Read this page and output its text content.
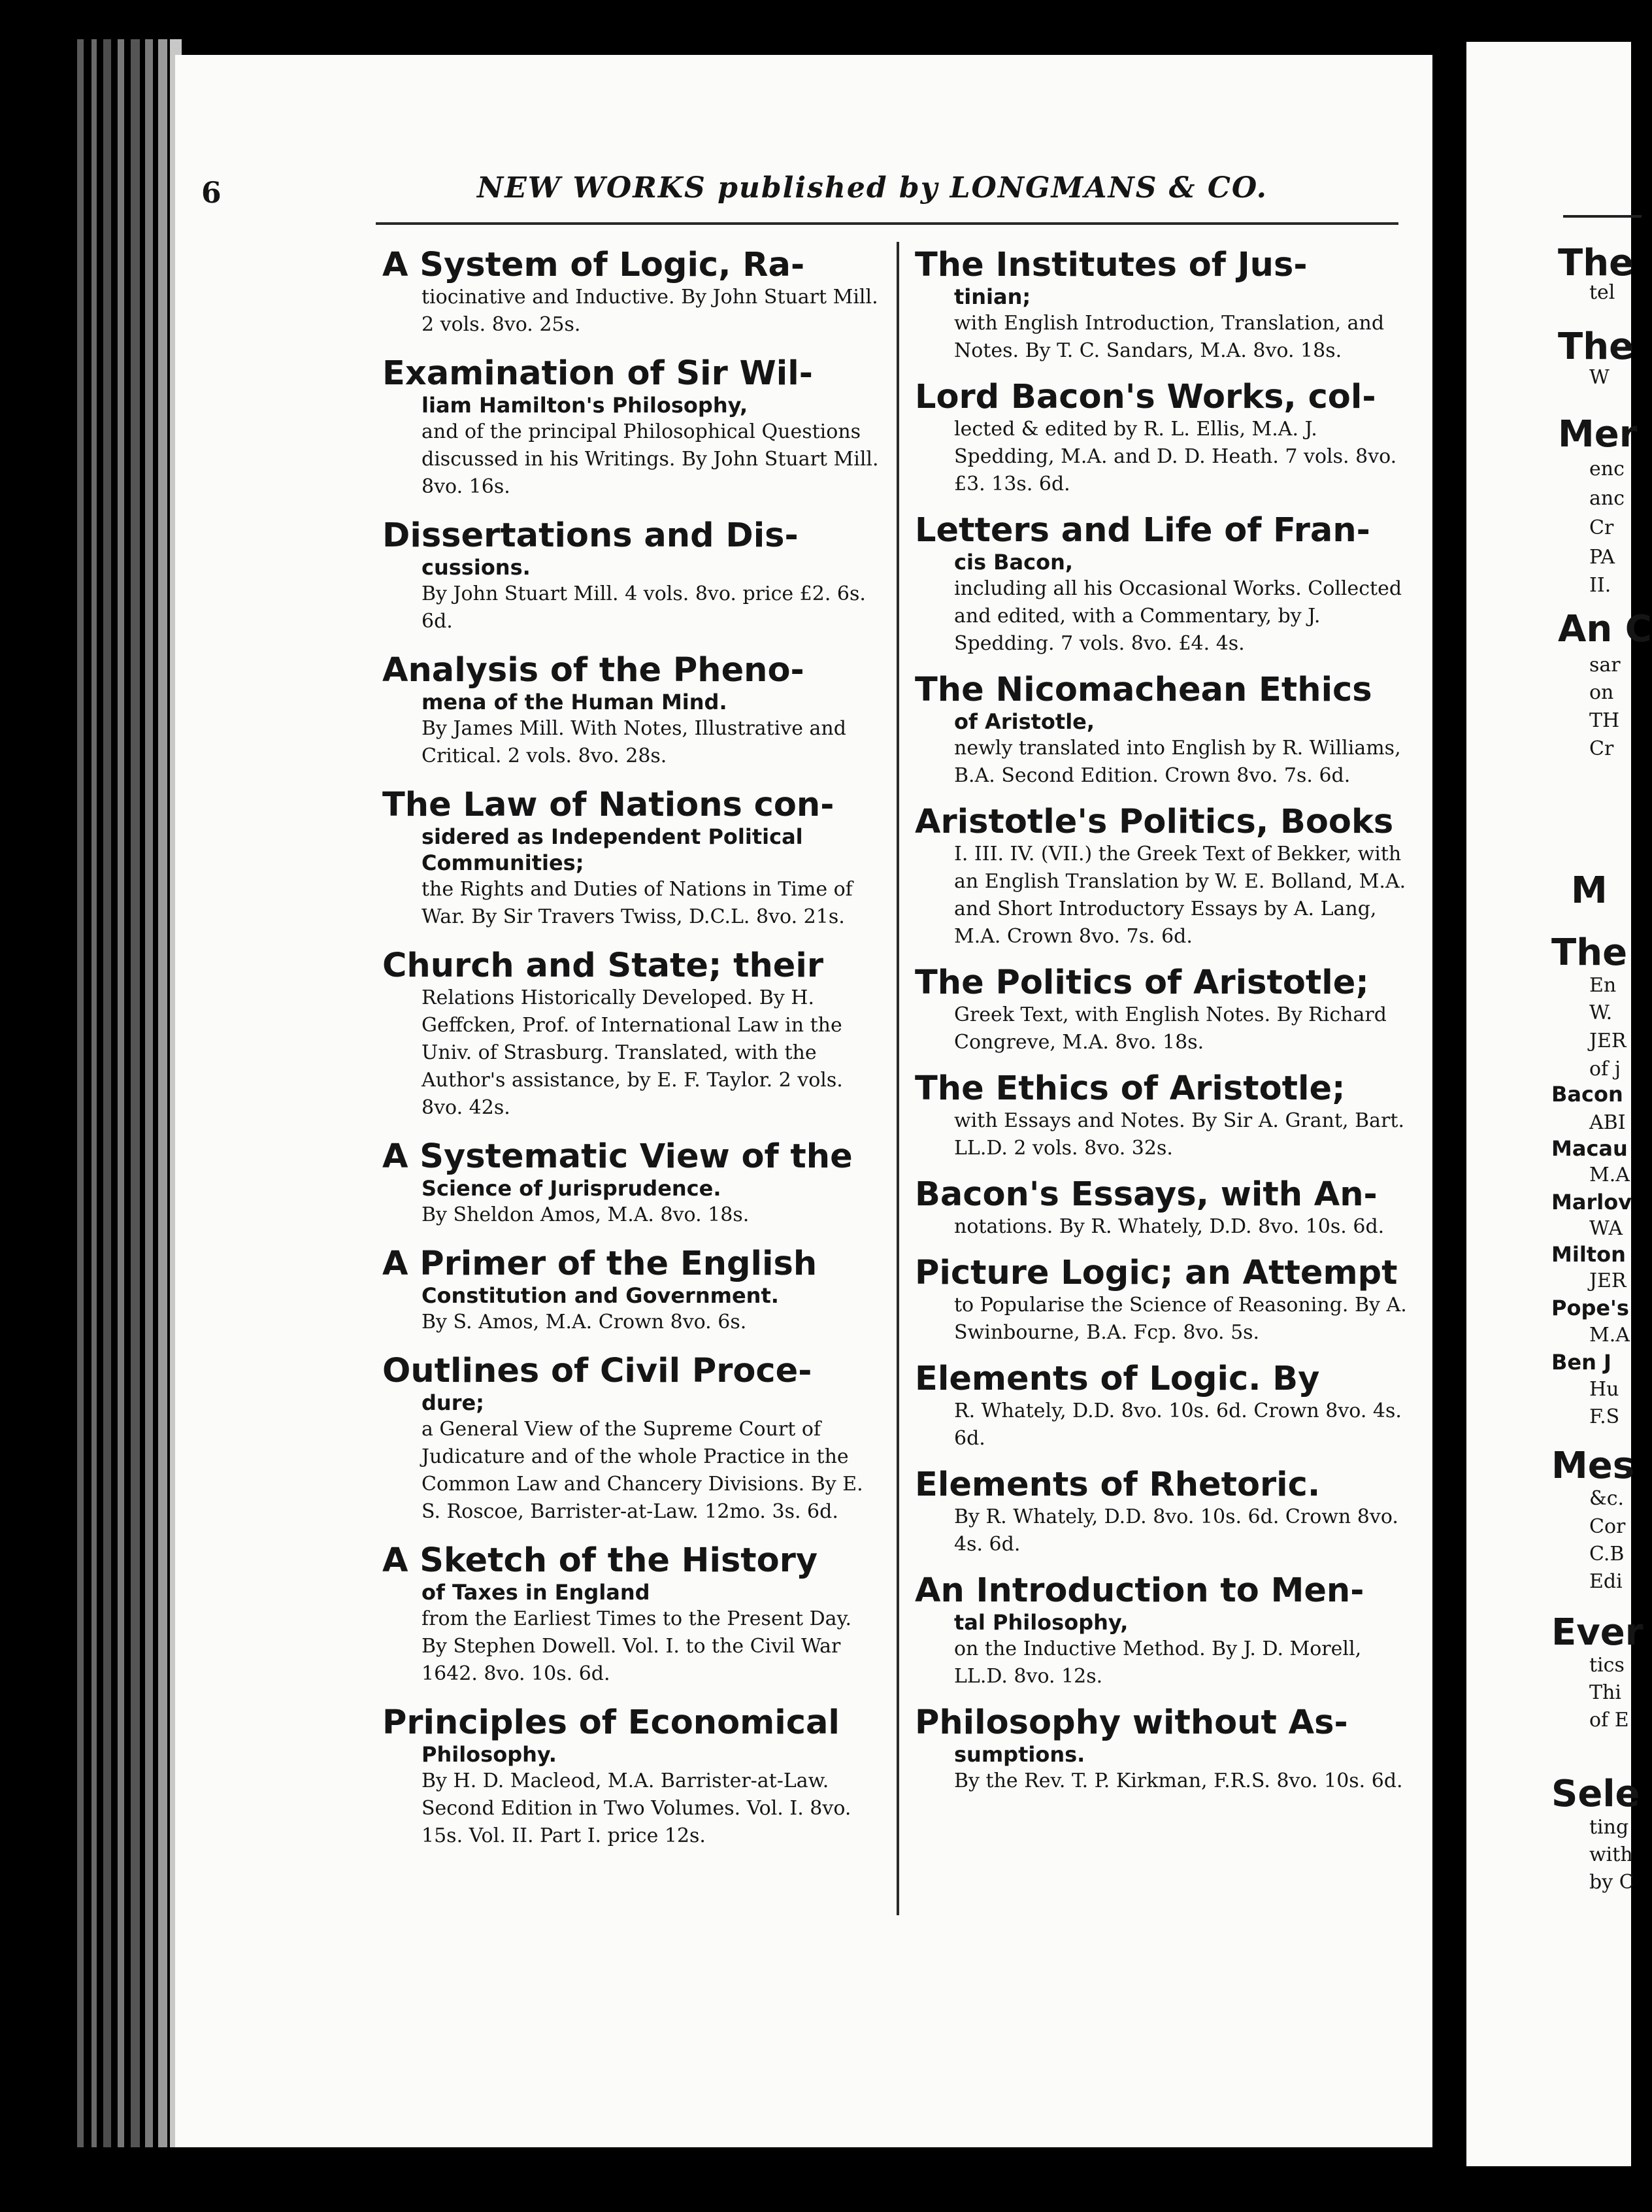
The
tel
The
W
Mer
enc
anc
Cr
PA
II.
An C
sar
on
TH
Cr
M
The
En
W.
JER
of j
Bacon
ABI
Macau
M.A
Marlov
WA
Milton
JER
Pope's
M.A
Ben J
Hu
F.S
Mes
&c.
Cor
C.B
Edi
Ever
tics
Thi
of E
Sele
ting
with
by C
6	NEW WORKS published by LONGMANS & CO.
A System of Logic, Ra-
tiocinative and Inductive. By John Stuart Mill. 2 vols. 8vo. 25s.
Examination of Sir Wil-
liam Hamilton's Philosophy,
and of the principal Philosophical Questions discussed in his Writings. By John Stuart Mill. 8vo. 16s.
Dissertations and Dis-
cussions.
By John Stuart Mill. 4 vols. 8vo. price £2. 6s. 6d.
Analysis of the Pheno-
mena of the Human Mind.
By James Mill. With Notes, Illustrative and Critical. 2 vols. 8vo. 28s.
The Law of Nations con-
sidered as Independent Political Communities;
the Rights and Duties of Nations in Time of War. By Sir Travers Twiss, D.C.L. 8vo. 21s.
Church and State; their
Relations Historically Developed. By H. Geffcken, Prof. of International Law in the Univ. of Strasburg. Translated, with the Author's assistance, by E. F. Taylor. 2 vols. 8vo. 42s.
A Systematic View of the
Science of Jurisprudence.
By Sheldon Amos, M.A. 8vo. 18s.
A Primer of the English
Constitution and Government.
By S. Amos, M.A. Crown 8vo. 6s.
Outlines of Civil Proce-
dure;
a General View of the Supreme Court of Judicature and of the whole Practice in the Common Law and Chancery Divisions. By E. S. Roscoe, Barrister-at-Law. 12mo. 3s. 6d.
A Sketch of the History
of Taxes in England
from the Earliest Times to the Present Day. By Stephen Dowell. Vol. I. to the Civil War 1642. 8vo. 10s. 6d.
Principles of Economical
Philosophy.
By H. D. Macleod, M.A. Barrister-at-Law. Second Edition in Two Volumes. Vol. I. 8vo. 15s. Vol. II. Part I. price 12s.
The Institutes of Jus-
tinian;
with English Introduction, Translation, and Notes. By T. C. Sandars, M.A. 8vo. 18s.
Lord Bacon's Works, col-
lected & edited by R. L. Ellis, M.A. J. Spedding, M.A. and D. D. Heath. 7 vols. 8vo. £3. 13s. 6d.
Letters and Life of Fran-
cis Bacon,
including all his Occasional Works. Collected and edited, with a Commentary, by J. Spedding. 7 vols. 8vo. £4. 4s.
The Nicomachean Ethics
of Aristotle,
newly translated into English by R. Williams, B.A. Second Edition. Crown 8vo. 7s. 6d.
Aristotle's Politics, Books
I. III. IV. (VII.) the Greek Text of Bekker, with an English Translation by W. E. Bolland, M.A. and Short Introductory Essays by A. Lang, M.A. Crown 8vo. 7s. 6d.
The Politics of Aristotle;
Greek Text, with English Notes. By Richard Congreve, M.A. 8vo. 18s.
The Ethics of Aristotle;
with Essays and Notes. By Sir A. Grant, Bart. LL.D. 2 vols. 8vo. 32s.
Bacon's Essays, with An-
notations. By R. Whately, D.D. 8vo. 10s. 6d.
Picture Logic; an Attempt
to Popularise the Science of Reasoning. By A. Swinbourne, B.A. Fcp. 8vo. 5s.
Elements of Logic. By
R. Whately, D.D. 8vo. 10s. 6d. Crown 8vo. 4s. 6d.
Elements of Rhetoric.
By R. Whately, D.D. 8vo. 10s. 6d. Crown 8vo. 4s. 6d.
An Introduction to Men-
tal Philosophy,
on the Inductive Method. By J. D. Morell, LL.D. 8vo. 12s.
Philosophy without As-
sumptions.
By the Rev. T. P. Kirkman, F.R.S. 8vo. 10s. 6d.
